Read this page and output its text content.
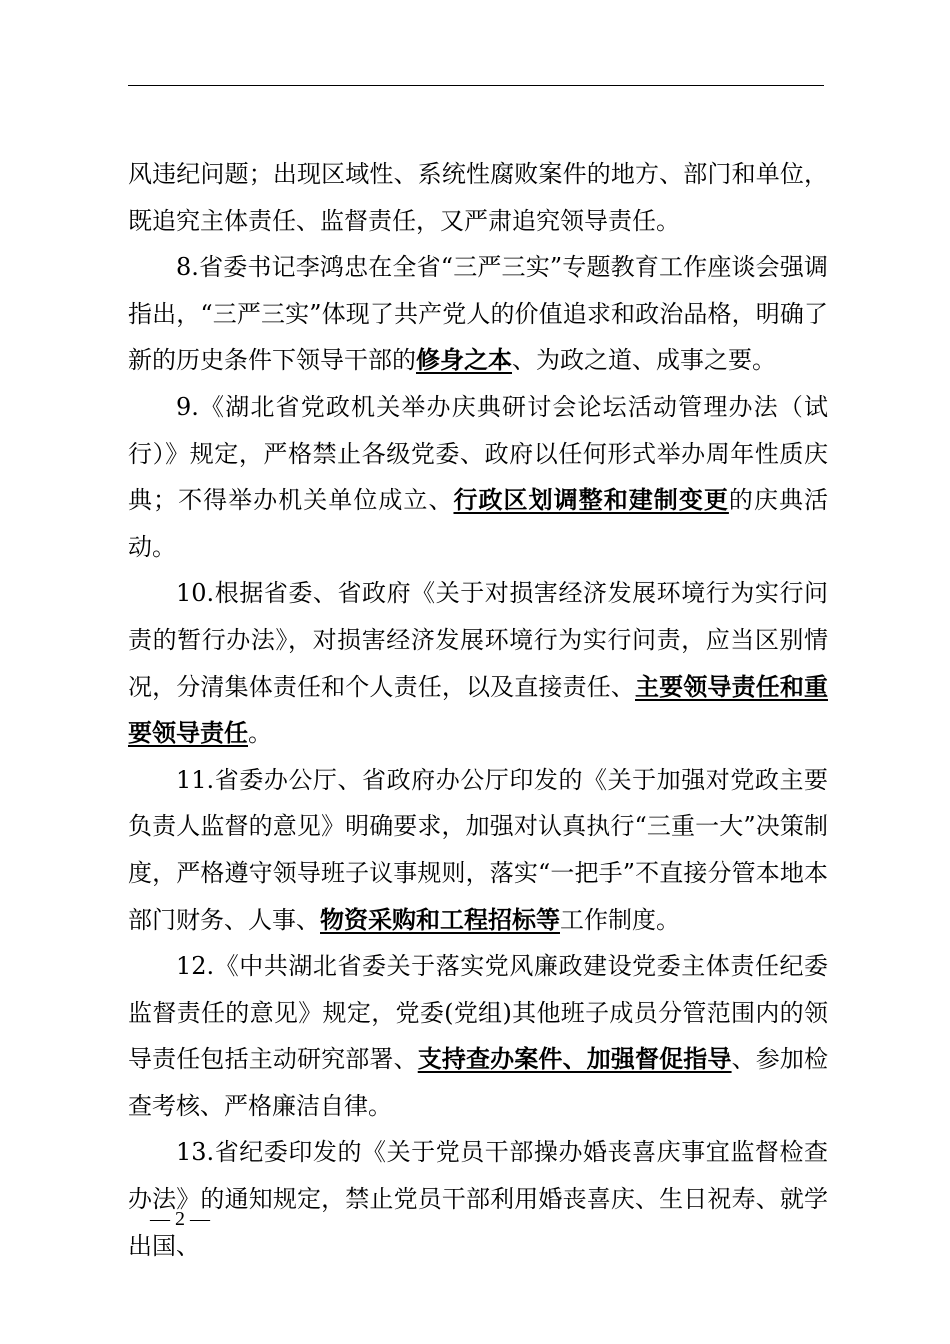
风违纪问题；出现区域性、系统性腐败案件的地方、部门和单位，既追究主体责任、监督责任，又严肃追究领导责任。

8.省委书记李鸿忠在全省“三严三实”专题教育工作座谈会强调指出，“三严三实”体现了共产党人的价值追求和政治品格，明确了新的历史条件下领导干部的修身之本、为政之道、成事之要。

9.《湖北省党政机关举办庆典研讨会论坛活动管理办法（试行）》规定，严格禁止各级党委、政府以任何形式举办周年性质庆典；不得举办机关单位成立、行政区划调整和建制变更的庆典活动。

10.根据省委、省政府《关于对损害经济发展环境行为实行问责的暂行办法》，对损害经济发展环境行为实行问责，应当区别情况，分清集体责任和个人责任，以及直接责任、主要领导责任和重要领导责任。

11.省委办公厅、省政府办公厅印发的《关于加强对党政主要负责人监督的意见》明确要求，加强对认真执行“三重一大”决策制度，严格遵守领导班子议事规则，落实“一把手”不直接分管本地本部门财务、人事、物资采购和工程招标等工作制度。

12.《中共湖北省委关于落实党风廉政建设党委主体责任纪委监督责任的意见》规定，党委(党组)其他班子成员分管范围内的领导责任包括主动研究部署、支持查办案件、加强督促指导、参加检查考核、严格廉洁自律。

13.省纪委印发的《关于党员干部操办婚丧喜庆事宜监督检查办法》的通知规定，禁止党员干部利用婚丧喜庆、生日祝寿、就学出国、

— 2 —
